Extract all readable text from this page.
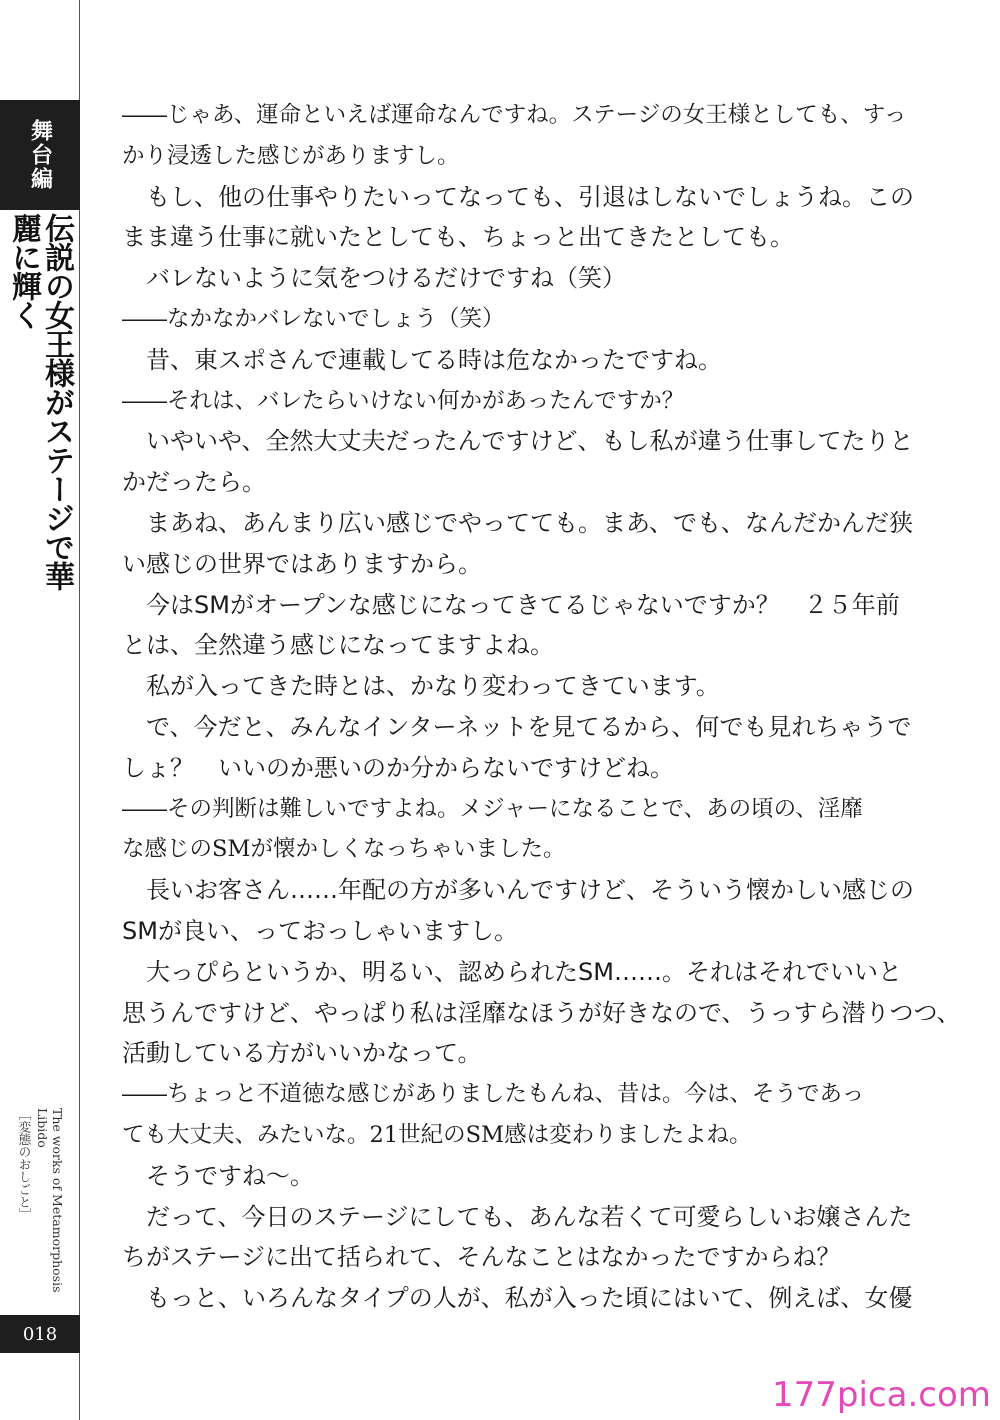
舞台編
伝説の女王様がステージで華麗に輝く
The works of Metamorphosis Libido
［変態のおしごと］
018
――じゃあ、運命といえば運命なんですね。ステージの女王様としても、すっ
かり浸透した感じがありますし。
　もし、他の仕事やりたいってなっても、引退はしないでしょうね。この
まま違う仕事に就いたとしても、ちょっと出てきたとしても。
　バレないように気をつけるだけですね（笑）
――なかなかバレないでしょう（笑）
　昔、東スポさんで連載してる時は危なかったですね。
――それは、バレたらいけない何かがあったんですか？
　いやいや、全然大丈夫だったんですけど、もし私が違う仕事してたりと
かだったら。
　まあね、あんまり広い感じでやってても。まあ、でも、なんだかんだ狭
い感じの世界ではありますから。
　今はSMがオープンな感じになってきてるじゃないですか？　２５年前
とは、全然違う感じになってますよね。
　私が入ってきた時とは、かなり変わってきています。
　で、今だと、みんなインターネットを見てるから、何でも見れちゃうで
しょ？　いいのか悪いのか分からないですけどね。
――その判断は難しいですよね。メジャーになることで、あの頃の、淫靡
な感じのSMが懐かしくなっちゃいました。
　長いお客さん……年配の方が多いんですけど、そういう懐かしい感じの
SMが良い、っておっしゃいますし。
　大っぴらというか、明るい、認められたSM……。それはそれでいいと
思うんですけど、やっぱり私は淫靡なほうが好きなので、うっすら潜りつつ、
活動している方がいいかなって。
――ちょっと不道徳な感じがありましたもんね、昔は。今は、そうであっ
ても大丈夫、みたいな。21世紀のSM感は変わりましたよね。
　そうですね～。
　だって、今日のステージにしても、あんな若くて可愛らしいお嬢さんた
ちがステージに出て括られて、そんなことはなかったですからね？
　もっと、いろんなタイプの人が、私が入った頃にはいて、例えば、女優
177pica.com
